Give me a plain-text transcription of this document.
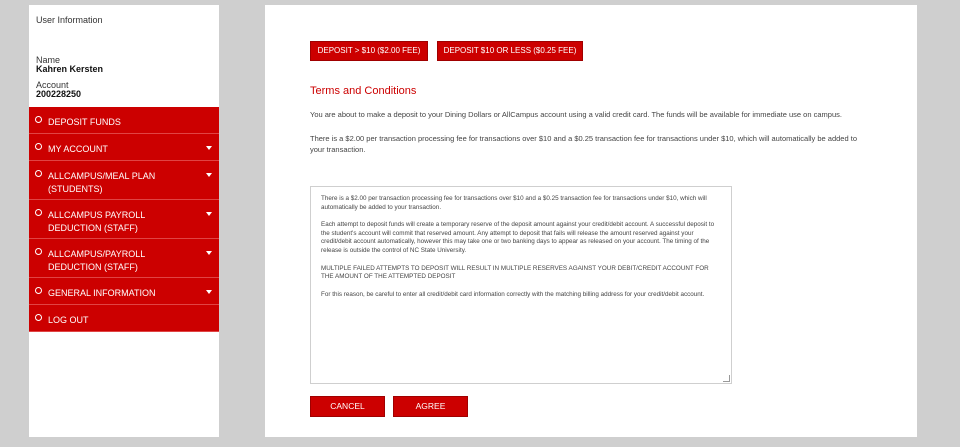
User Information
Name
Kahren Kersten
Account
200228250
DEPOSIT FUNDS
MY ACCOUNT
ALLCAMPUS/MEAL PLAN (STUDENTS)
ALLCAMPUS PAYROLL DEDUCTION (STAFF)
ALLCAMPUS/PAYROLL DEDUCTION (STAFF)
GENERAL INFORMATION
LOG OUT
DEPOSIT > $10 ($2.00 FEE)	DEPOSIT $10 OR LESS ($0.25 FEE)
Terms and Conditions
You are about to make a deposit to your Dining Dollars or AllCampus account using a valid credit card. The funds will be available for immediate use on campus.
There is a $2.00 per transaction processing fee for transactions over $10 and a $0.25 transaction fee for transactions under $10, which will automatically be added to your transaction.

There is a $2.00 per transaction processing fee for transactions over $10 and a $0.25 transaction fee for transactions under $10, which will automatically be added to your transaction.

Each attempt to deposit funds will create a temporary reserve of the deposit amount against your credit/debit account. A successful deposit to the student's account will commit that reserved amount. Any attempt to deposit that fails will release the amount reserved against your credit/debit account automatically, however this may take one or two banking days to appear as released on your account. The timing of the release is outside the control of NC State University.

MULTIPLE FAILED ATTEMPTS TO DEPOSIT WILL RESULT IN MULTIPLE RESERVES AGAINST YOUR DEBIT/CREDIT ACCOUNT FOR THE AMOUNT OF THE ATTEMPTED DEPOSIT

For this reason, be careful to enter all credit/debit card information correctly with the matching billing address for your credit/debit account.

CANCEL	AGREE
